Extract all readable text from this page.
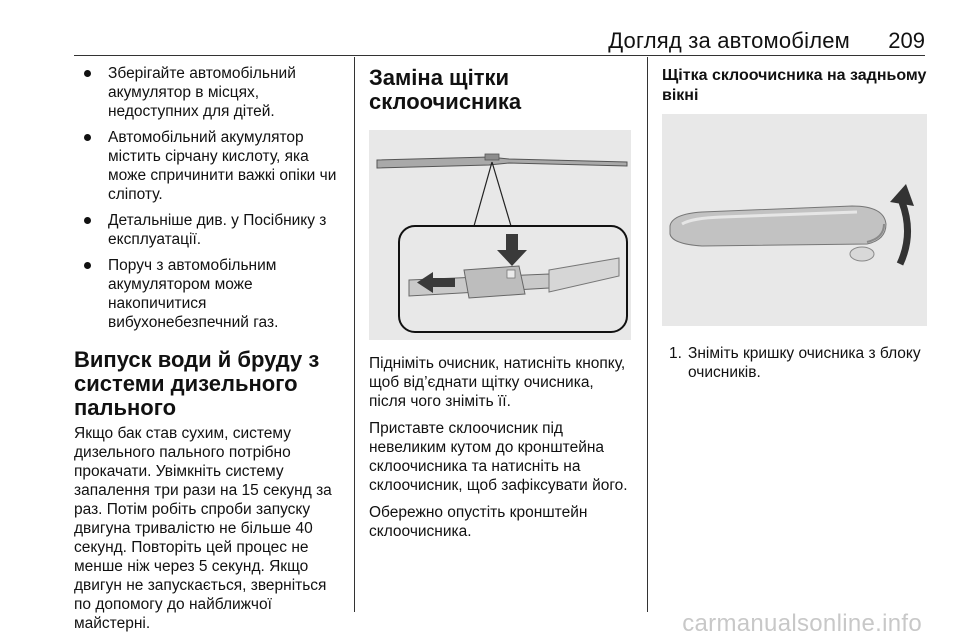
Догляд за автомобілем 209
Зберігайте автомобільний акумулятор в місцях, недоступних для дітей.
Автомобільний акумулятор містить сірчану кислоту, яка може спричинити важкі опіки чи сліпоту.
Детальніше див. у Посібнику з експлуатації.
Поруч з автомобільним акумулятором може накопичитися вибухонебезпечний газ.
Випуск води й бруду з системи дизельного пального

Якщо бак став сухим, систему дизельного пального потрібно прокачати. Увімкніть систему запалення три рази на 15 секунд за раз. Потім робіть спроби запуску двигуна тривалістю не більше 40 секунд. Повторіть цей процес не менше ніж через 5 секунд. Якщо двигун не запускається, зверніться по допомогу до найближчої майстерні.

Заміна щітки склоочисника

Підніміть очисник, натисніть кнопку, щоб від’єднати щітку очисника, після чого зніміть її.

Приставте склоочисник під невеликим кутом до кронштейна склоочисника та натисніть на склоочисник, щоб зафіксувати його.

Обережно опустіть кронштейн склоочисника.

Щітка склоочисника на задньому вікні
1. Зніміть кришку очисника з блоку очисників.
carmanualsonline.info
